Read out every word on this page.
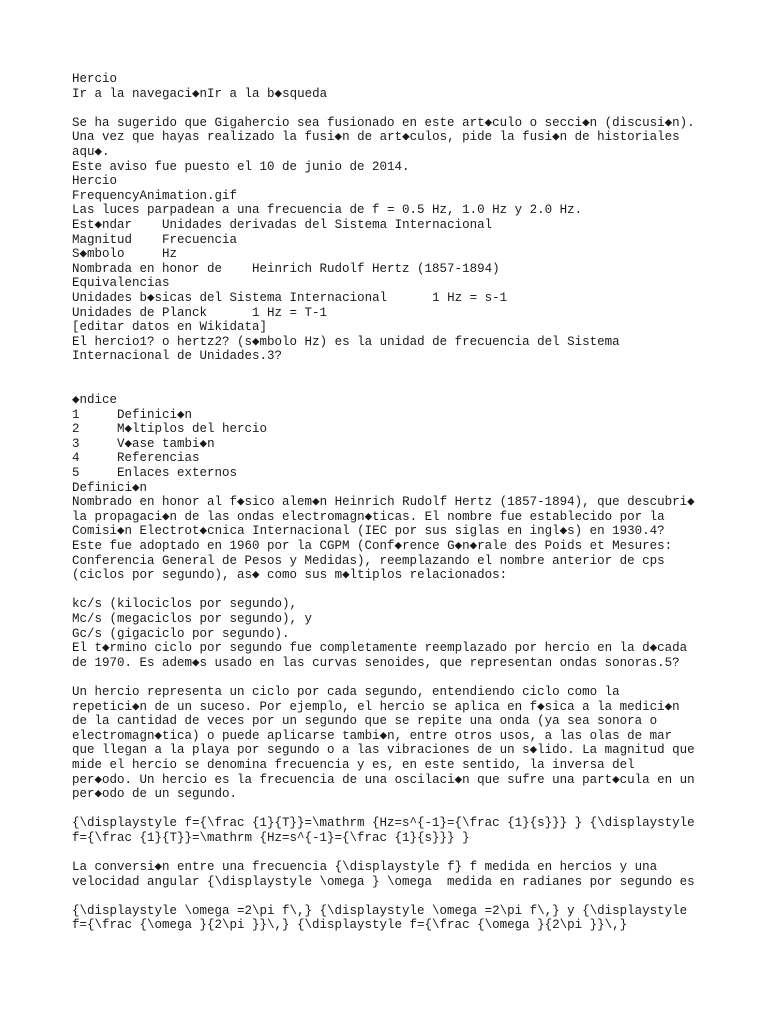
Hercio
Ir a la navegaci◆nIr a la b◆squeda
Se ha sugerido que Gigahercio sea fusionado en este art◆culo o secci◆n (discusi◆n).
Una vez que hayas realizado la fusi◆n de art◆culos, pide la fusi◆n de historiales
aqu◆.
Este aviso fue puesto el 10 de junio de 2014.
Hercio
FrequencyAnimation.gif
Las luces parpadean a una frecuencia de f = 0.5 Hz, 1.0 Hz y 2.0 Hz.
Est◆ndar    Unidades derivadas del Sistema Internacional
Magnitud    Frecuencia
S◆mbolo     Hz
Nombrada en honor de    Heinrich Rudolf Hertz (1857-1894)
Equivalencias
Unidades b◆sicas del Sistema Internacional      1 Hz = s-1
Unidades de Planck      1 Hz = T-1
[editar datos en Wikidata]
El hercio1? o hertz2? (s◆mbolo Hz) es la unidad de frecuencia del Sistema
Internacional de Unidades.3?
◆ndice
1     Definici◆n
2     M◆ltiplos del hercio
3     V◆ase tambi◆n
4     Referencias
5     Enlaces externos
Definici◆n
Nombrado en honor al f◆sico alem◆n Heinrich Rudolf Hertz (1857-1894), que descubri◆
la propagaci◆n de las ondas electromagn◆ticas. El nombre fue establecido por la
Comisi◆n Electrot◆cnica Internacional (IEC por sus siglas en ingl◆s) en 1930.4?
Este fue adoptado en 1960 por la CGPM (Conf◆rence G◆n◆rale des Poids et Mesures:
Conferencia General de Pesos y Medidas), reemplazando el nombre anterior de cps
(ciclos por segundo), as◆ como sus m◆ltiplos relacionados:
kc/s (kilociclos por segundo),
Mc/s (megaciclos por segundo), y
Gc/s (gigaciclo por segundo).
El t◆rmino ciclo por segundo fue completamente reemplazado por hercio en la d◆cada
de 1970. Es adem◆s usado en las curvas senoides, que representan ondas sonoras.5?
Un hercio representa un ciclo por cada segundo, entendiendo ciclo como la
repetici◆n de un suceso. Por ejemplo, el hercio se aplica en f◆sica a la medici◆n
de la cantidad de veces por un segundo que se repite una onda (ya sea sonora o
electromagn◆tica) o puede aplicarse tambi◆n, entre otros usos, a las olas de mar
que llegan a la playa por segundo o a las vibraciones de un s◆lido. La magnitud que
mide el hercio se denomina frecuencia y es, en este sentido, la inversa del
per◆odo. Un hercio es la frecuencia de una oscilaci◆n que sufre una part◆cula en un
per◆odo de un segundo.
{\displaystyle f={\frac {1}{T}}=\mathrm {Hz=s^{-1}={\frac {1}{s}}} } {\displaystyle
f={\frac {1}{T}}=\mathrm {Hz=s^{-1}={\frac {1}{s}}} }
La conversi◆n entre una frecuencia {\displaystyle f} f medida en hercios y una
velocidad angular {\displaystyle \omega } \omega  medida en radianes por segundo es
{\displaystyle \omega =2\pi f\,} {\displaystyle \omega =2\pi f\,} y {\displaystyle
f={\frac {\omega }{2\pi }}\,} {\displaystyle f={\frac {\omega }{2\pi }}\,}
